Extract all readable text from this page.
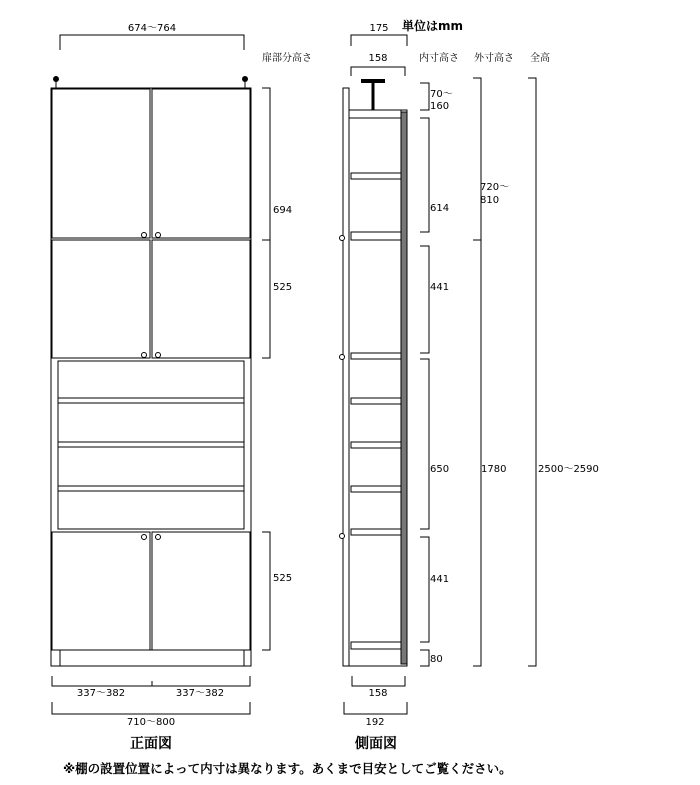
単位はmm
扉部分高さ	内寸高さ 外寸高さ 全高
674～764
694
525
525
337～382	337～382
710～800
正面図
175
158
70～
160
614
441
650
441
80
720～
810
1780	2500～2590
158
192
側面図
※棚の設置位置によって内寸は異なります。あくまで目安としてご覧ください。
